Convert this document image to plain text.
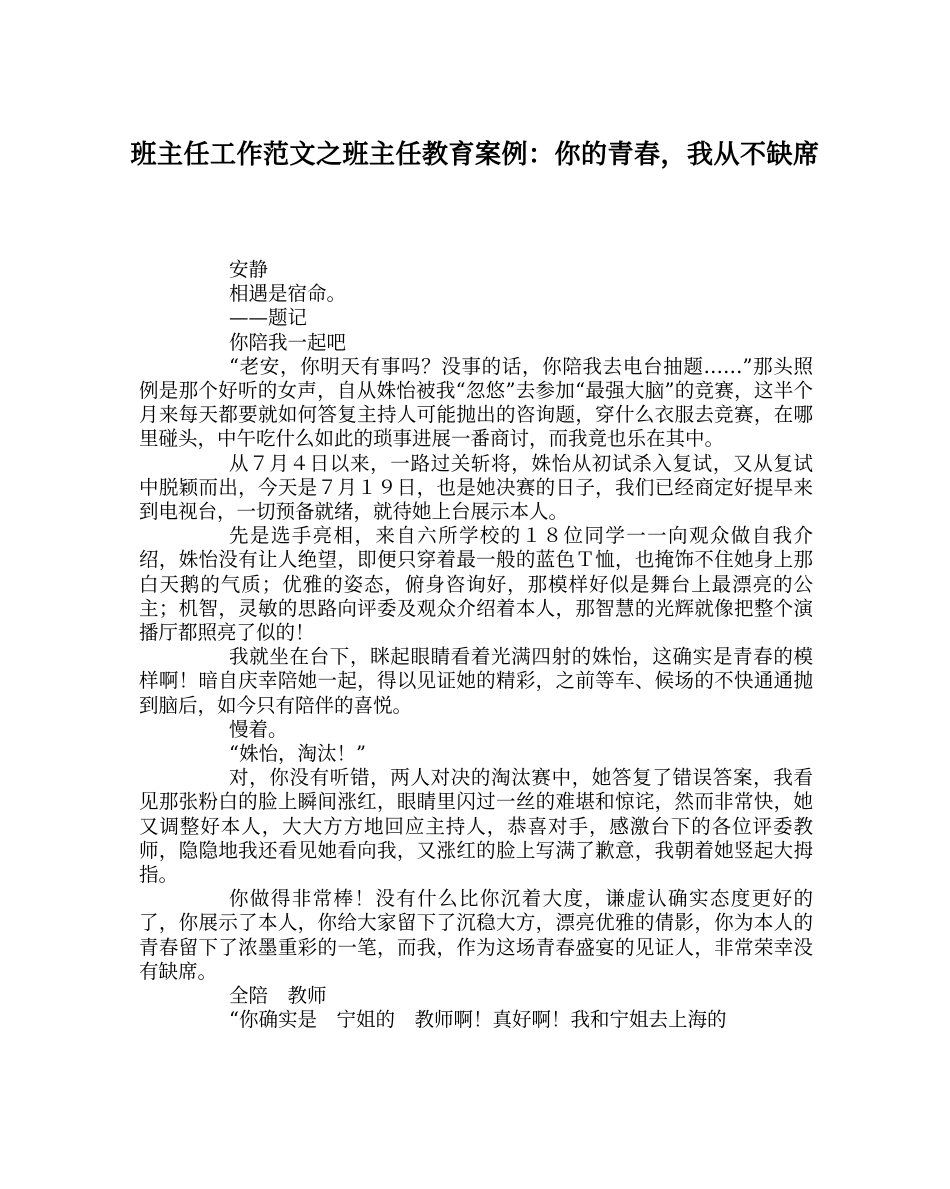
班主任工作范文之班主任教育案例：你的青春，我从不缺席

安静

相遇是宿命。

——题记

你陪我一起吧

“老安，你明天有事吗？没事的话，你陪我去电台抽题……”那头照例是那个好听的女声，自从姝怡被我“忽悠”去参加“最强大脑”的竞赛，这半个月来每天都要就如何答复主持人可能抛出的咨询题，穿什么衣服去竞赛，在哪里碰头，中午吃什么如此的琐事进展一番商讨，而我竟也乐在其中。

从７月４日以来，一路过关斩将，姝怡从初试杀入复试，又从复试中脱颖而出，今天是７月１９日，也是她决赛的日子，我们已经商定好提早来到电视台，一切预备就绪，就待她上台展示本人。

先是选手亮相，来自六所学校的１８位同学一一向观众做自我介绍，姝怡没有让人绝望，即便只穿着最一般的蓝色Ｔ恤，也掩饰不住她身上那白天鹅的气质；优雅的姿态，俯身咨询好，那模样好似是舞台上最漂亮的公主；机智，灵敏的思路向评委及观众介绍着本人，那智慧的光辉就像把整个演播厅都照亮了似的！

我就坐在台下，眯起眼睛看着光满四射的姝怡，这确实是青春的模样啊！暗自庆幸陪她一起，得以见证她的精彩，之前等车、候场的不快通通抛到脑后，如今只有陪伴的喜悦。

慢着。

“姝怡，淘汰！”

对，你没有听错，两人对决的淘汰赛中，她答复了错误答案，我看见那张粉白的脸上瞬间涨红，眼睛里闪过一丝的难堪和惊诧，然而非常快，她又调整好本人，大大方方地回应主持人，恭喜对手，感激台下的各位评委教师，隐隐地我还看见她看向我，又涨红的脸上写满了歉意，我朝着她竖起大拇指。

你做得非常棒！没有什么比你沉着大度，谦虚认确实态度更好的了，你展示了本人，你给大家留下了沉稳大方，漂亮优雅的倩影，你为本人的青春留下了浓墨重彩的一笔，而我，作为这场青春盛宴的见证人，非常荣幸没有缺席。

全陪　教师

“你确实是　宁姐的　教师啊！真好啊！我和宁姐去上海的
